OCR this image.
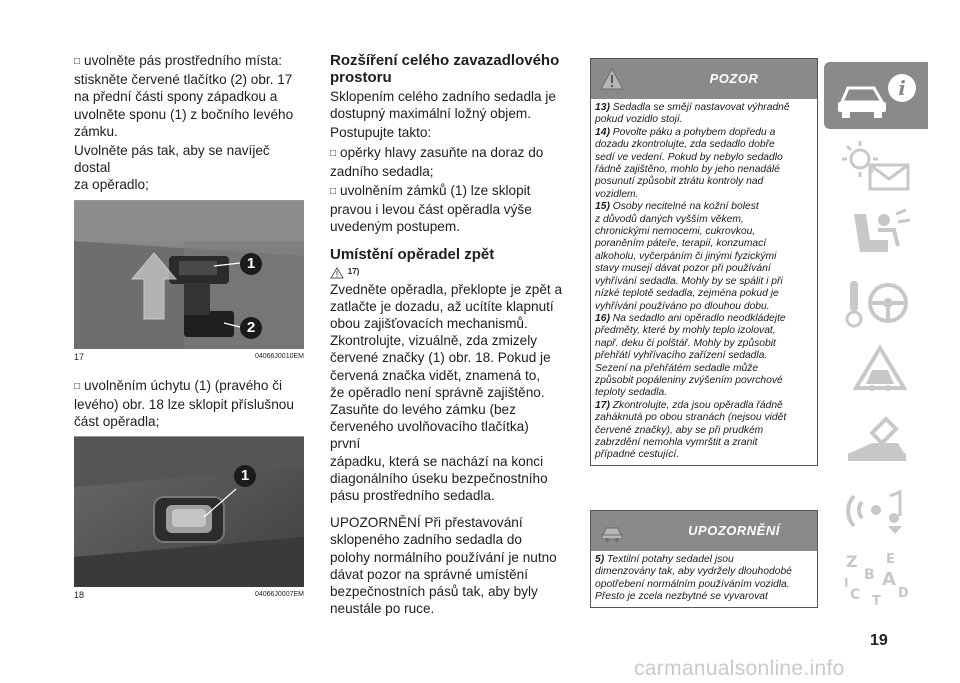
□ uvolněte pás prostředního místa:
stiskněte červené tlačítko (2) obr. 17
na přední části spony západkou a
uvolněte sponu (1) z bočního levého
zámku.
Uvolněte pás tak, aby se navíječ dostal
za opěradlo;
1
2
17	04066J0010EM
□ uvolněním úchytu (1) (pravého či
levého) obr. 18 lze sklopit příslušnou
část opěradla;
1
18	04066J0007EM
Rozšíření celého zavazadlového
prostoru
Sklopením celého zadního sedadla je
dostupný maximální ložný objem.
Postupujte takto:
□ opěrky hlavy zasuňte na doraz do
zadního sedadla;
□ uvolněním zámků (1) lze sklopit
pravou i levou část opěradla výše
uvedeným postupem.
Umístění opěradel zpět
$^{17)}$
Zvedněte opěradla, překlopte je zpět a
zatlačte je dozadu, až ucítíte klapnutí
obou zajišťovacích mechanismů.
Zkontrolujte, vizuálně, zda zmizely
červené značky (1) obr. 18. Pokud je
červená značka vidět, znamená to,
že opěradlo není správně zajištěno.
Zasuňte do levého zámku (bez
červeného uvolňovacího tlačítka) první
západku, která se nachází na konci
diagonálního úseku bezpečnostního
pásu prostředního sedadla.
UPOZORNĚNÍ Při přestavování
sklopeného zadního sedadla do
polohy normálního používání je nutno
dávat pozor na správné umístění
bezpečnostních pásů tak, aby byly
neustále po ruce.
POZOR
13) Sedadla se smějí nastavovat výhradně
pokud vozidlo stojí.
14) Povolte páku a pohybem dopředu a
dozadu zkontrolujte, zda sedadlo dobře
sedí ve vedení. Pokud by nebylo sedadlo
řádně zajištěno, mohlo by jeho nenadálé
posunutí způsobit ztrátu kontroly nad
vozidlem.
15) Osoby necitelné na kožní bolest
z důvodů daných vyšším věkem,
chronickými nemocemi, cukrovkou,
poraněním páteře, terapií, konzumací
alkoholu, vyčerpáním či jinými fyzickými
stavy musejí dávat pozor při používání
vyhřívání sedadla. Mohly by se spálit i při
nízké teplotě sedadla, zejména pokud je
vyhřívání používáno po dlouhou dobu.
16) Na sedadlo ani opěradlo neodkládejte
předměty, které by mohly teplo izolovat,
např. deku či polštář. Mohly by způsobit
přehřátí vyhřívacího zařízení sedadla.
Sezení na přehřátém sedadle může
způsobit popáleniny zvýšením povrchové
teploty sedadla.
17) Zkontrolujte, zda jsou opěradla řádně
zaháknutá po obou stranách (nejsou vidět
červené značky), aby se při prudkém
zabrzdění nemohla vymrštit a zranit
případné cestující.
UPOZORNĚNÍ
5) Textilní potahy sedadel jsou
dimenzovány tak, aby vydržely dlouhodobé
opotřebení normálním používáním vozidla.
Přesto je zcela nezbytné se vyvarovat
i
Z E
B A
C	D
I
T
19
carmanualsonline.info
